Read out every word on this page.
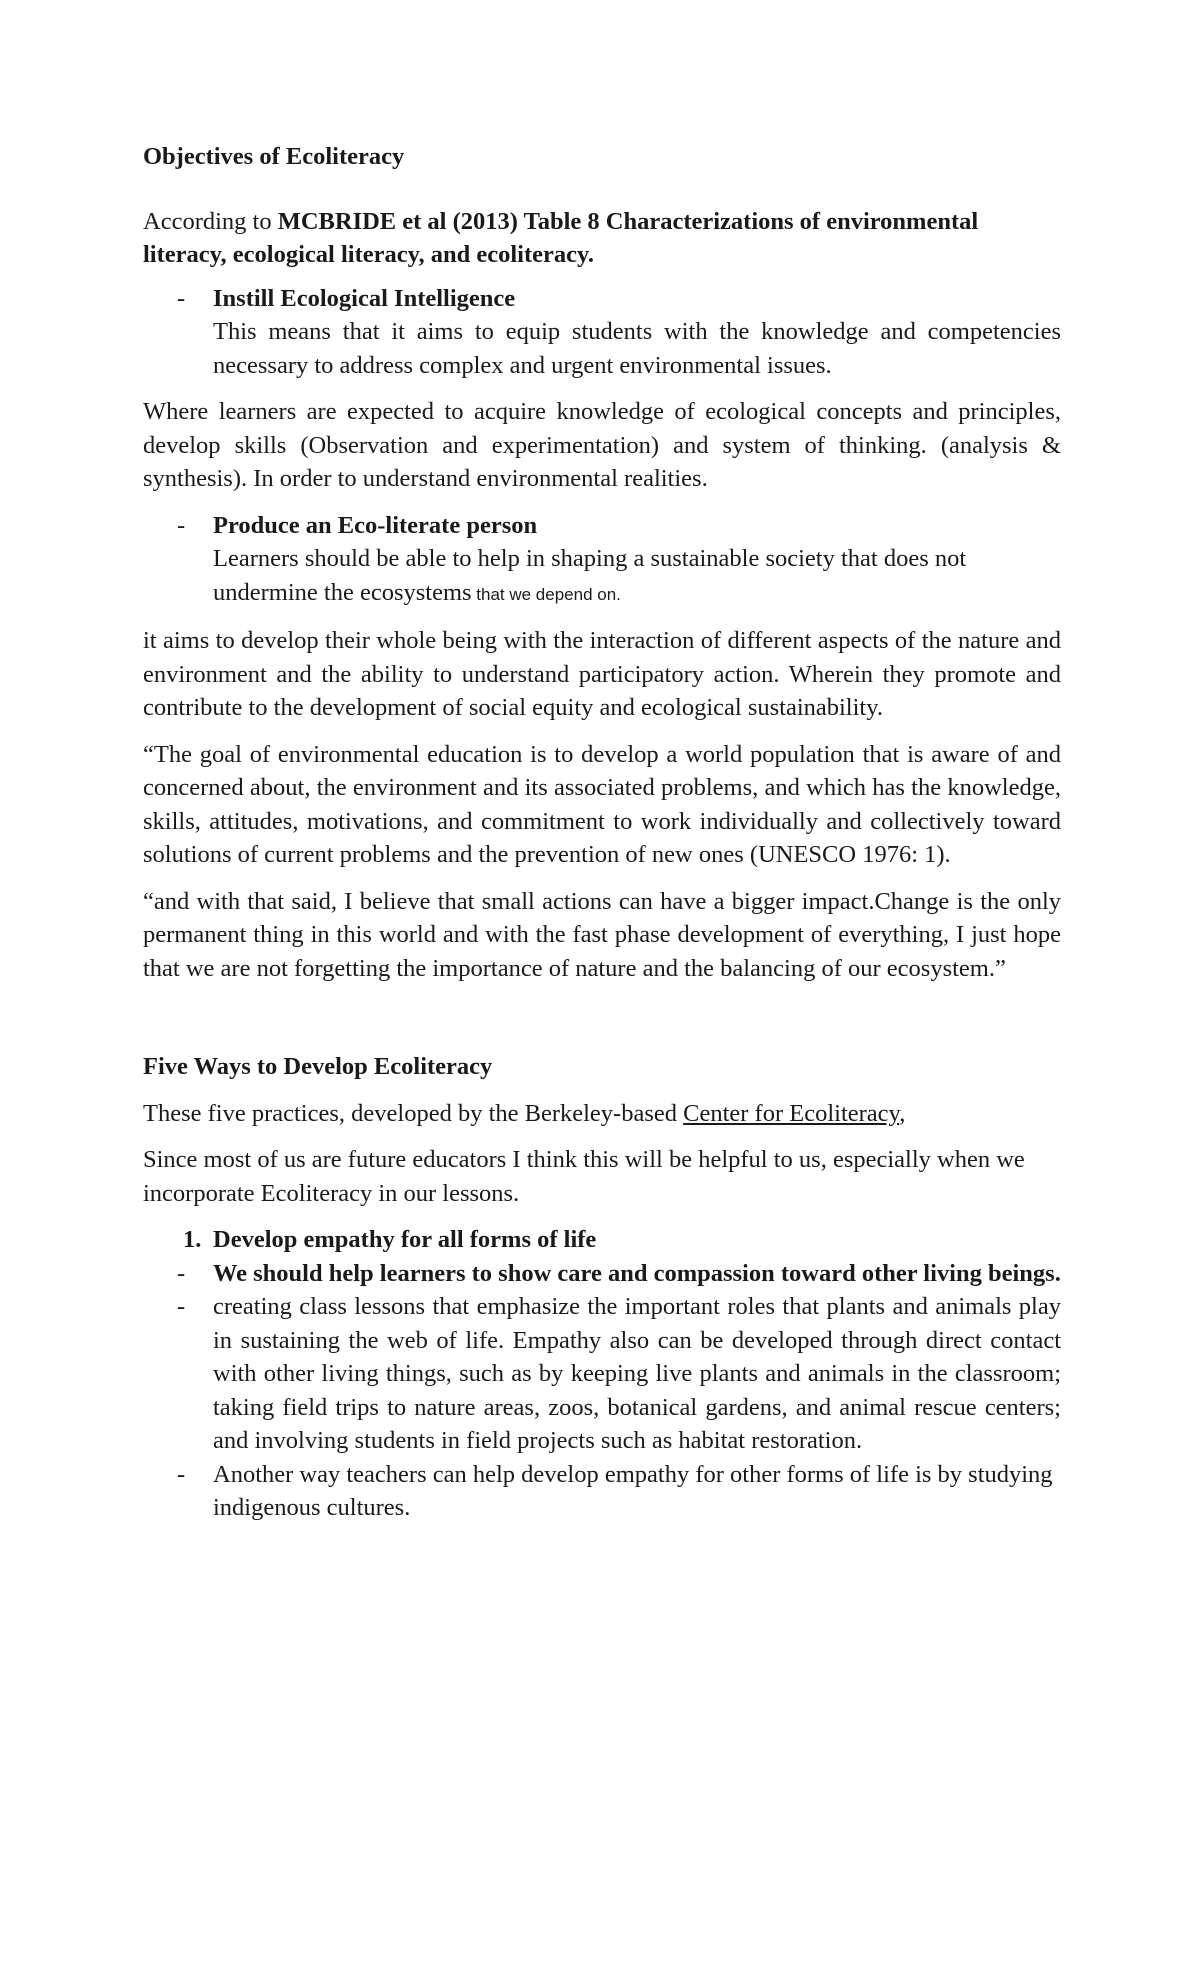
Objectives of Ecoliteracy

According to MCBRIDE et al (2013) Table 8 Characterizations of environmental literacy, ecological literacy, and ecoliteracy.

- Instill Ecological Intelligence

This means that it aims to equip students with the knowledge and competencies necessary to address complex and urgent environmental issues.

Where learners are expected to acquire knowledge of ecological concepts and principles, develop skills (Observation and experimentation) and system of thinking. (analysis & synthesis). In order to understand environmental realities.

- Produce an Eco-literate person

Learners should be able to help in shaping a sustainable society that does not undermine the ecosystems that we depend on.

it aims to develop their whole being with the interaction of different aspects of the nature and environment and the ability to understand participatory action. Wherein they promote and contribute to the development of social equity and ecological sustainability.

“The goal of environmental education is to develop a world population that is aware of and concerned about, the environment and its associated problems, and which has the knowledge, skills, attitudes, motivations, and commitment to work individually and collectively toward solutions of current problems and the prevention of new ones (UNESCO 1976: 1).

“and with that said, I believe that small actions can have a bigger impact.Change is the only permanent thing in this world and with the fast phase development of everything, I just hope that we are not forgetting the importance of nature and the balancing of our ecosystem.”

Five Ways to Develop Ecoliteracy

These five practices, developed by the Berkeley-based Center for Ecoliteracy,

Since most of us are future educators I think this will be helpful to us, especially when we incorporate Ecoliteracy in our lessons.

1. Develop empathy for all forms of life

- We should help learners to show care and compassion toward other living beings.

- creating class lessons that emphasize the important roles that plants and animals play in sustaining the web of life. Empathy also can be developed through direct contact with other living things, such as by keeping live plants and animals in the classroom; taking field trips to nature areas, zoos, botanical gardens, and animal rescue centers; and involving students in field projects such as habitat restoration.

- Another way teachers can help develop empathy for other forms of life is by studying indigenous cultures.
